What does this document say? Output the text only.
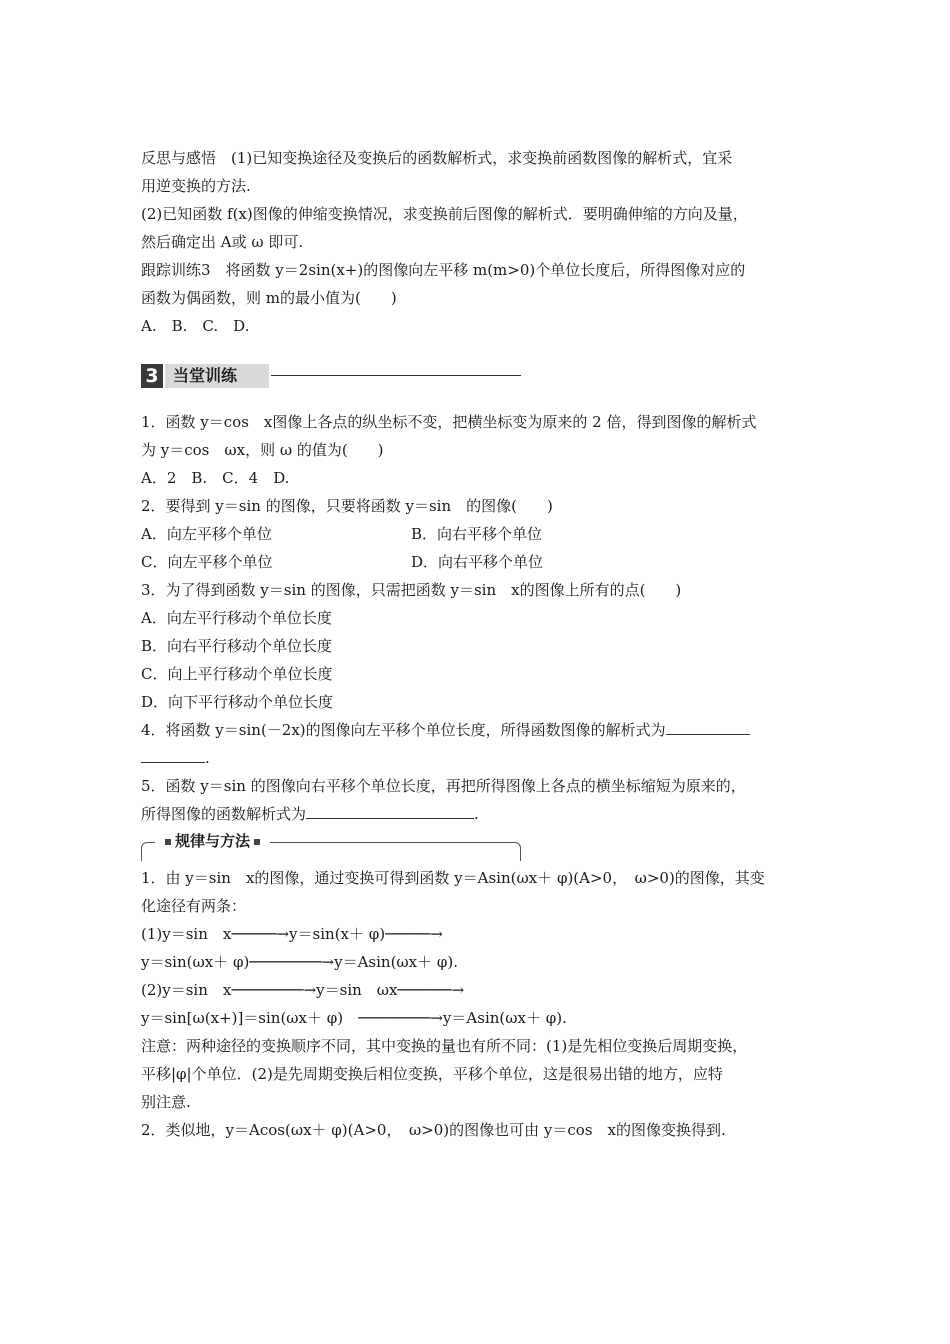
反思与感悟　(1)已知变换途径及变换后的函数解析式，求变换前函数图像的解析式，宜采
用逆变换的方法.
(2)已知函数 f(x)图像的伸缩变换情况，求变换前后图像的解析式．要明确伸缩的方向及量，
然后确定出 A或 ω 即可.
跟踪训练3　将函数 y＝2sin(x+)的图像向左平移 m(m>0)个单位长度后，所得图像对应的
函数为偶函数，则 m的最小值为(　　)
A.　B.　C.　D.
3 当堂训练
1．函数 y＝cos　x图像上各点的纵坐标不变，把横坐标变为原来的 2 倍，得到图像的解析式
为 y＝cos　ωx，则 ω 的值为(　　)
A．2　B.　C．4　D.
2．要得到 y＝sin 的图像，只要将函数 y＝sin　的图像(　　)
A．向左平移个单位	B．向右平移个单位
C．向左平移个单位	D．向右平移个单位
3．为了得到函数 y＝sin 的图像，只需把函数 y＝sin　x的图像上所有的点(　　)
A．向左平行移动个单位长度
B．向右平行移动个单位长度
C．向上平行移动个单位长度
D．向下平行移动个单位长度
4．将函数 y＝sin(－2x)的图像向左平移个单位长度，所得函数图像的解析式为
.
5．函数 y＝sin 的图像向右平移个单位长度，再把所得图像上各点的横坐标缩短为原来的，
所得图像的函数解析式为	.
规律与方法
1．由 y＝sin　x的图像，通过变换可得到函数 y＝Asin(ωx＋ φ)(A>0，　ω>0)的图像，其变
化途径有两条：
(1)y＝sin　x─────→y＝sin(x＋ φ)─────→
y＝sin(ωx＋ φ)────────→y＝Asin(ωx＋ φ).
(2)y＝sin　x────────→y＝sin　ωx──────→
y＝sin[ω(x+)]＝sin(ωx＋ φ)　────────→y＝Asin(ωx＋ φ).
注意：两种途径的变换顺序不同，其中变换的量也有所不同：(1)是先相位变换后周期变换，
平移|φ|个单位．(2)是先周期变换后相位变换，平移个单位，这是很易出错的地方，应特
别注意.
2．类似地，y＝Acos(ωx＋ φ)(A>0，　ω>0)的图像也可由 y＝cos　x的图像变换得到.
